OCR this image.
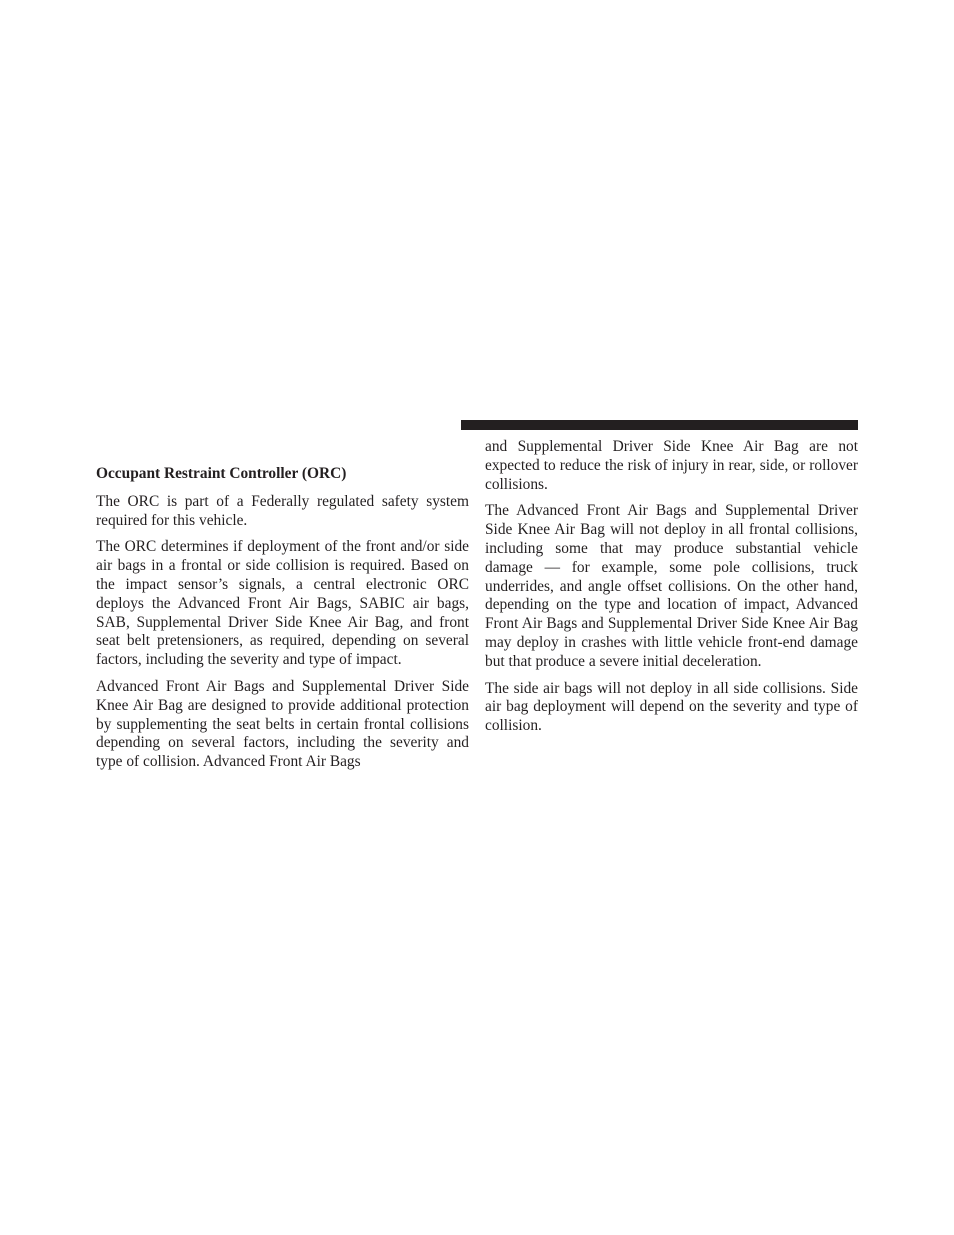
Occupant Restraint Controller (ORC)

The ORC is part of a Federally regulated safety system required for this vehicle.

The ORC determines if deployment of the front and/or side air bags in a frontal or side collision is required. Based on the impact sensor’s signals, a central electronic ORC deploys the Advanced Front Air Bags, SABIC air bags, SAB, Supplemental Driver Side Knee Air Bag, and front seat belt pretensioners, as required, depending on several factors, including the severity and type of impact.

Advanced Front Air Bags and Supplemental Driver Side Knee Air Bag are designed to provide additional protection by supplementing the seat belts in certain frontal collisions depending on several factors, including the severity and type of collision. Advanced Front Air Bags

and Supplemental Driver Side Knee Air Bag are not expected to reduce the risk of injury in rear, side, or rollover collisions.

The Advanced Front Air Bags and Supplemental Driver Side Knee Air Bag will not deploy in all frontal collisions, including some that may produce substantial vehicle damage — for example, some pole collisions, truck underrides, and angle offset collisions. On the other hand, depending on the type and location of impact, Advanced Front Air Bags and Supplemental Driver Side Knee Air Bag may deploy in crashes with little vehicle front-end damage but that produce a severe initial deceleration.

The side air bags will not deploy in all side collisions. Side air bag deployment will depend on the severity and type of collision.
